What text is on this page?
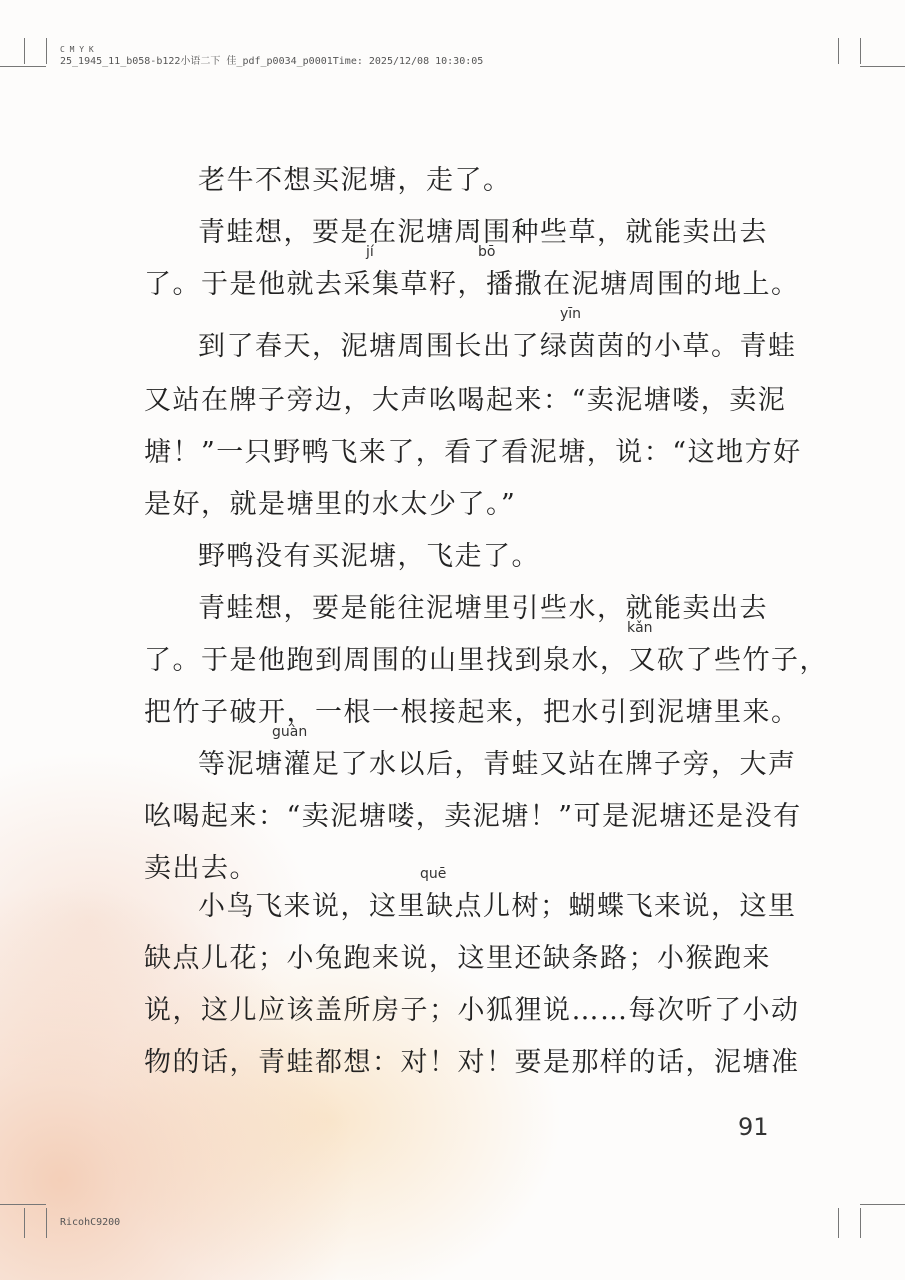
C M Y K
25_1945_11_b058-b122小语二下 佳_pdf_p0034_p0001Time: 2025/12/08 10:30:05
老牛不想买泥塘，走了。
青蛙想，要是在泥塘周围种些草，就能卖出去
jí	bō
了。于是他就去采集草籽，播撒在泥塘周围的地上。
yīn
到了春天，泥塘周围长出了绿茵茵的小草。青蛙
又站在牌子旁边，大声吆喝起来：“卖泥塘喽，卖泥
塘！”一只野鸭飞来了，看了看泥塘，说：“这地方好
是好，就是塘里的水太少了。”
野鸭没有买泥塘，飞走了。
青蛙想，要是能往泥塘里引些水，就能卖出去
kǎn
了。于是他跑到周围的山里找到泉水，又砍了些竹子，
把竹子破开，一根一根接起来，把水引到泥塘里来。
guàn
等泥塘灌足了水以后，青蛙又站在牌子旁，大声
吆喝起来：“卖泥塘喽，卖泥塘！”可是泥塘还是没有
卖出去。	quē
小鸟飞来说，这里缺点儿树；蝴蝶飞来说，这里
缺点儿花；小兔跑来说，这里还缺条路；小猴跑来
说，这儿应该盖所房子；小狐狸说……每次听了小动
物的话，青蛙都想：对！对！要是那样的话，泥塘准
91
RicohC9200
